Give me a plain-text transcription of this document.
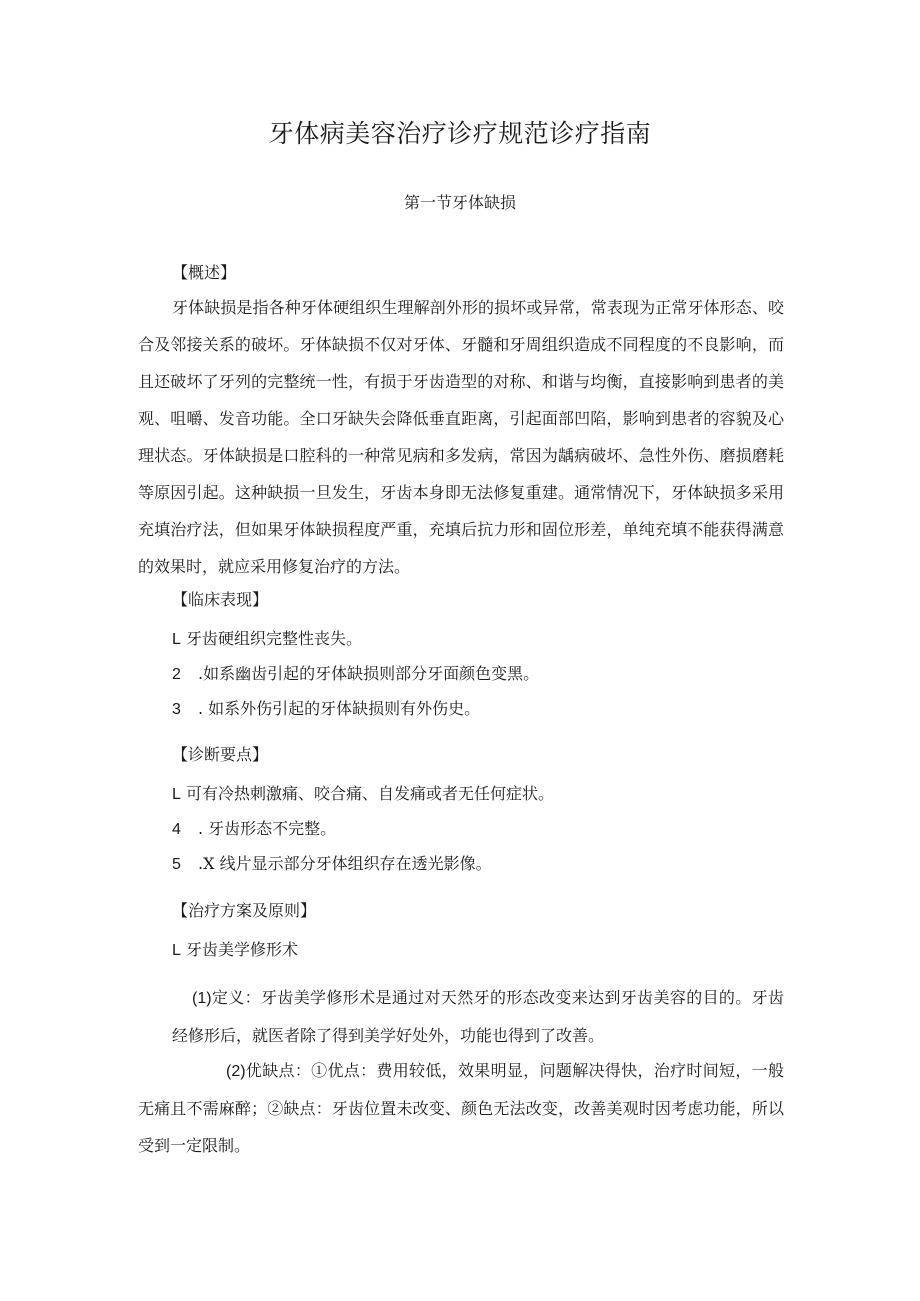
牙体病美容治疗诊疗规范诊疗指南
第一节牙体缺损
【概述】
牙体缺损是指各种牙体硬组织生理解剖外形的损坏或异常，常表现为正常牙体形态、咬合及邻接关系的破坏。牙体缺损不仅对牙体、牙髓和牙周组织造成不同程度的不良影响，而且还破坏了牙列的完整统一性，有损于牙齿造型的对称、和谐与均衡，直接影响到患者的美观、咀嚼、发音功能。全口牙缺失会降低垂直距离，引起面部凹陷，影响到患者的容貌及心理状态。牙体缺损是口腔科的一种常见病和多发病，常因为龋病破坏、急性外伤、磨损磨耗等原因引起。这种缺损一旦发生，牙齿本身即无法修复重建。通常情况下，牙体缺损多采用充填治疗法，但如果牙体缺损程度严重，充填后抗力形和固位形差，单纯充填不能获得满意的效果时，就应采用修复治疗的方法。
【临床表现】
L 牙齿硬组织完整性丧失。
2 .如系幽齿引起的牙体缺损则部分牙面颜色变黑。
3 . 如系外伤引起的牙体缺损则有外伤史。
【诊断要点】
L 可有冷热刺激痛、咬合痛、自发痛或者无任何症状。
4 . 牙齿形态不完整。
5 .X 线片显示部分牙体组织存在透光影像。
【治疗方案及原则】
L 牙齿美学修形术
(1)定义：牙齿美学修形术是通过对天然牙的形态改变来达到牙齿美容的目的。牙齿经修形后，就医者除了得到美学好处外，功能也得到了改善。
(2)优缺点：①优点：费用较低，效果明显，问题解决得快，治疗时间短，一般无痛且不需麻醉；②缺点：牙齿位置未改变、颜色无法改变，改善美观时因考虑功能，所以受到一定限制。
